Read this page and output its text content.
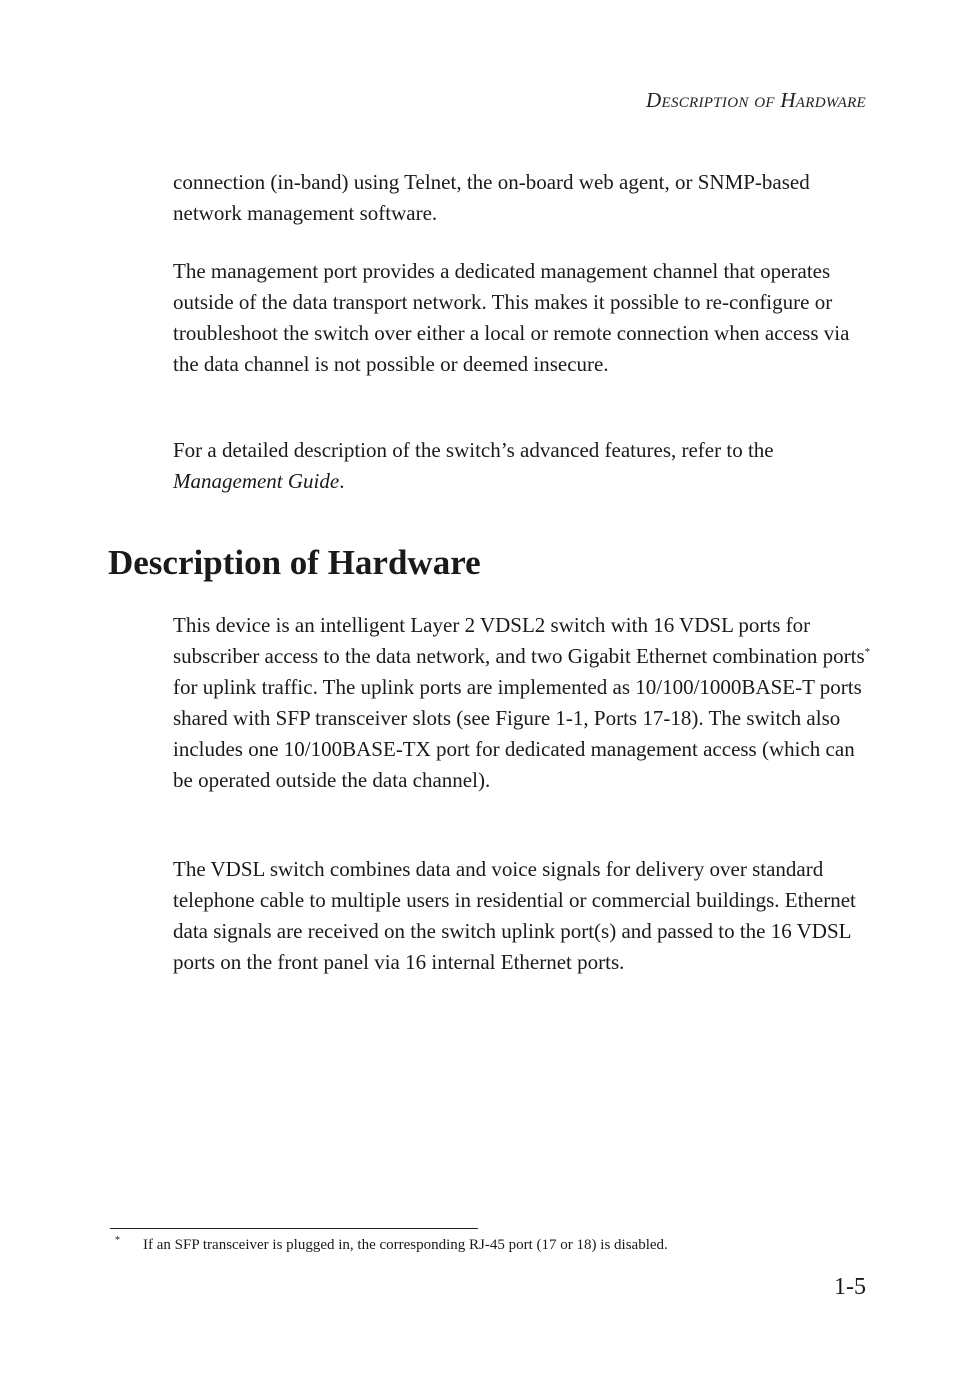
Description of Hardware

connection (in-band) using Telnet, the on-board web agent, or SNMP-based network management software.

The management port provides a dedicated management channel that operates outside of the data transport network. This makes it possible to re-configure or troubleshoot the switch over either a local or remote connection when access via the data channel is not possible or deemed insecure.

For a detailed description of the switch’s advanced features, refer to the Management Guide.

Description of Hardware

This device is an intelligent Layer 2 VDSL2 switch with 16 VDSL ports for subscriber access to the data network, and two Gigabit Ethernet combination ports* for uplink traffic. The uplink ports are implemented as 10/100/1000BASE-T ports shared with SFP transceiver slots (see Figure 1-1, Ports 17-18). The switch also includes one 10/100BASE-TX port for dedicated management access (which can be operated outside the data channel).

The VDSL switch combines data and voice signals for delivery over standard telephone cable to multiple users in residential or commercial buildings. Ethernet data signals are received on the switch uplink port(s) and passed to the 16 VDSL ports on the front panel via 16 internal Ethernet ports.

* If an SFP transceiver is plugged in, the corresponding RJ-45 port (17 or 18) is disabled.
1-5
